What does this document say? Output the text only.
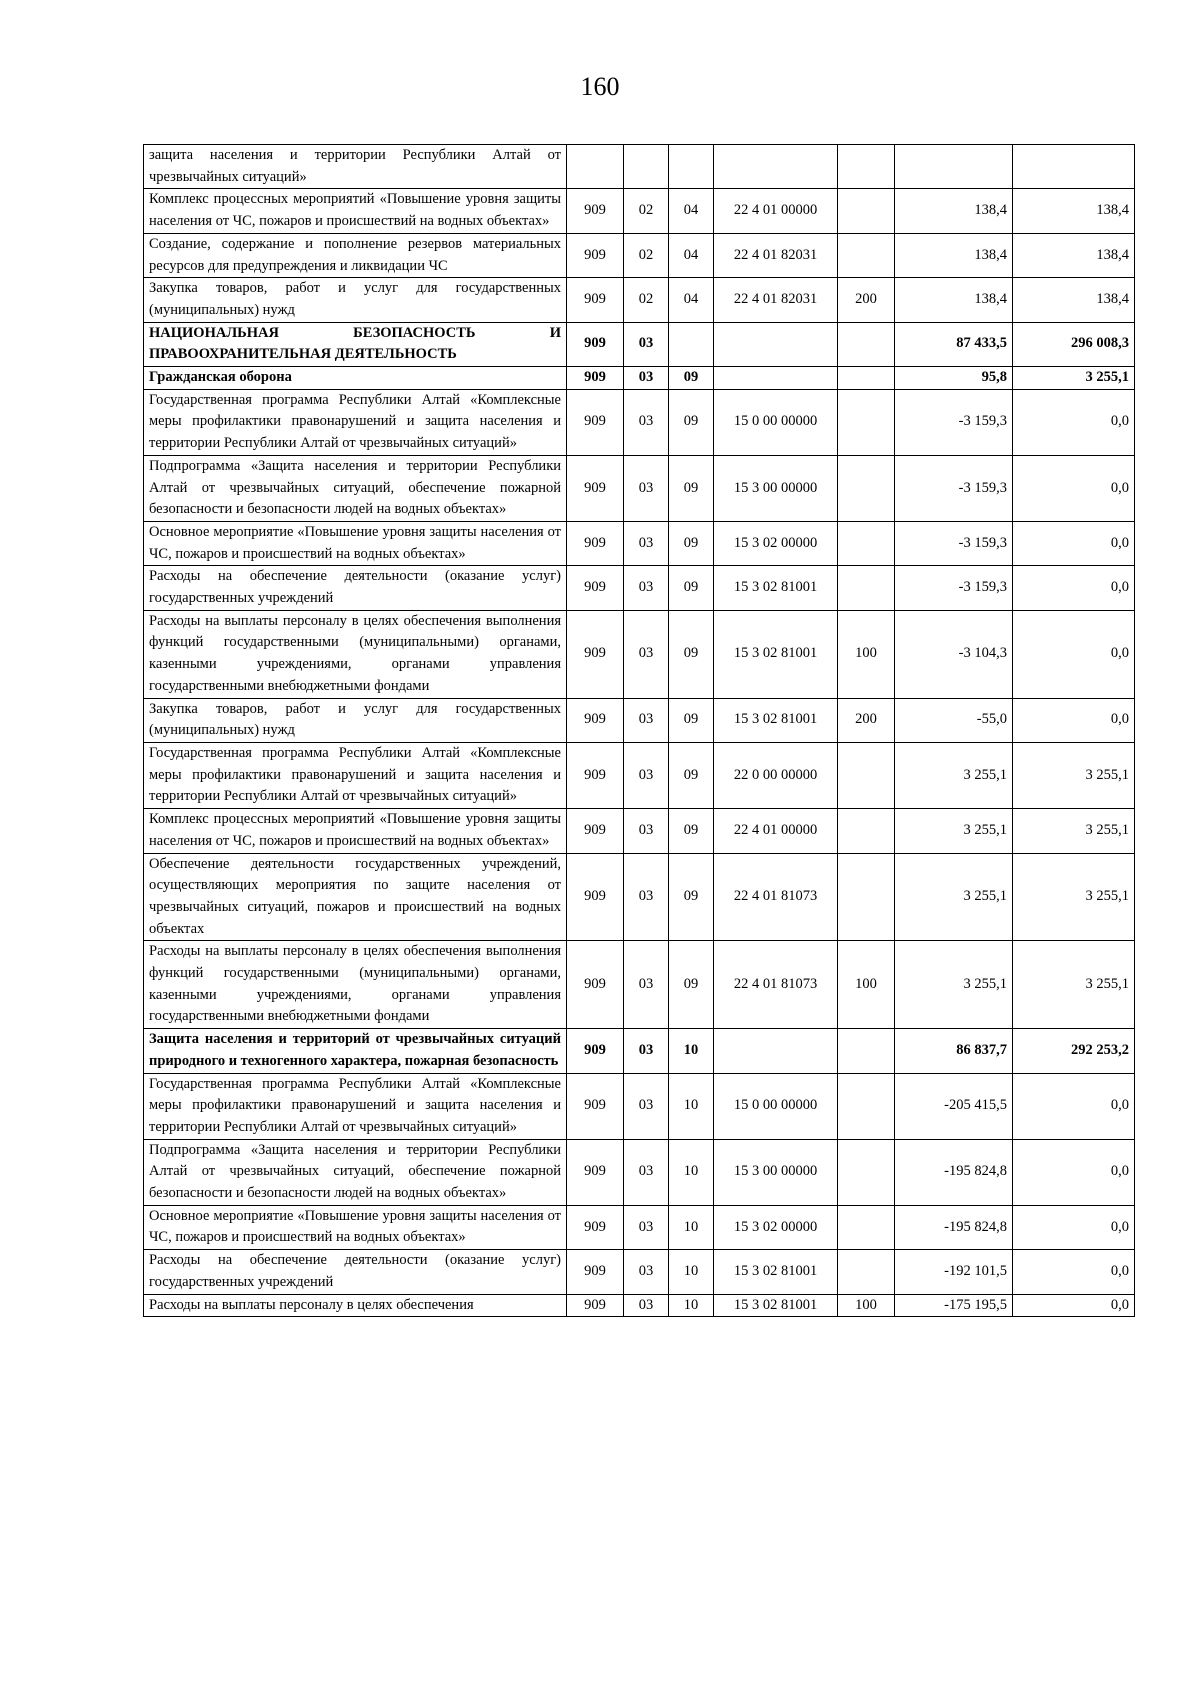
160
защита населения и территории Республики Алтай от чрезвычайных ситуаций»							
Комплекс процессных мероприятий «Повышение уровня защиты населения от ЧС, пожаров и происшествий на водных объектах»	909	02	04	22 4 01 00000		138,4	138,4
Создание, содержание и пополнение резервов материальных ресурсов для предупреждения и ликвидации ЧС	909	02	04	22 4 01 82031		138,4	138,4
Закупка товаров, работ и услуг для государственных (муниципальных) нужд	909	02	04	22 4 01 82031	200	138,4	138,4
НАЦИОНАЛЬНАЯ БЕЗОПАСНОСТЬ И ПРАВООХРАНИТЕЛЬНАЯ ДЕЯТЕЛЬНОСТЬ	909	03				87 433,5	296 008,3
Гражданская оборона	909	03	09			95,8	3 255,1
Государственная программа Республики Алтай «Комплексные меры профилактики правонарушений и защита населения и территории Республики Алтай от чрезвычайных ситуаций»	909	03	09	15 0 00 00000		-3 159,3	0,0
Подпрограмма «Защита населения и территории Республики Алтай от чрезвычайных ситуаций, обеспечение пожарной безопасности и безопасности людей на водных объектах»	909	03	09	15 3 00 00000		-3 159,3	0,0
Основное мероприятие «Повышение уровня защиты населения от ЧС, пожаров и происшествий на водных объектах»	909	03	09	15 3 02 00000		-3 159,3	0,0
Расходы на обеспечение деятельности (оказание услуг) государственных учреждений	909	03	09	15 3 02 81001		-3 159,3	0,0
Расходы на выплаты персоналу в целях обеспечения выполнения функций государственными (муниципальными) органами, казенными учреждениями, органами управления государственными внебюджетными фондами	909	03	09	15 3 02 81001	100	-3 104,3	0,0
Закупка товаров, работ и услуг для государственных (муниципальных) нужд	909	03	09	15 3 02 81001	200	-55,0	0,0
Государственная программа Республики Алтай «Комплексные меры профилактики правонарушений и защита населения и территории Республики Алтай от чрезвычайных ситуаций»	909	03	09	22 0 00 00000		3 255,1	3 255,1
Комплекс процессных мероприятий «Повышение уровня защиты населения от ЧС, пожаров и происшествий на водных объектах»	909	03	09	22 4 01 00000		3 255,1	3 255,1
Обеспечение деятельности государственных учреждений, осуществляющих мероприятия по защите населения от чрезвычайных ситуаций, пожаров и происшествий на водных объектах	909	03	09	22 4 01 81073		3 255,1	3 255,1
Расходы на выплаты персоналу в целях обеспечения выполнения функций государственными (муниципальными) органами, казенными учреждениями, органами управления государственными внебюджетными фондами	909	03	09	22 4 01 81073	100	3 255,1	3 255,1
Защита населения и территорий от чрезвычайных ситуаций природного и техногенного характера, пожарная безопасность	909	03	10			86 837,7	292 253,2
Государственная программа Республики Алтай «Комплексные меры профилактики правонарушений и защита населения и территории Республики Алтай от чрезвычайных ситуаций»	909	03	10	15 0 00 00000		-205 415,5	0,0
Подпрограмма «Защита населения и территории Республики Алтай от чрезвычайных ситуаций, обеспечение пожарной безопасности и безопасности людей на водных объектах»	909	03	10	15 3 00 00000		-195 824,8	0,0
Основное мероприятие «Повышение уровня защиты населения от ЧС, пожаров и происшествий на водных объектах»	909	03	10	15 3 02 00000		-195 824,8	0,0
Расходы на обеспечение деятельности (оказание услуг) государственных учреждений	909	03	10	15 3 02 81001		-192 101,5	0,0
Расходы на выплаты персоналу в целях обеспечения	909	03	10	15 3 02 81001	100	-175 195,5	0,0
